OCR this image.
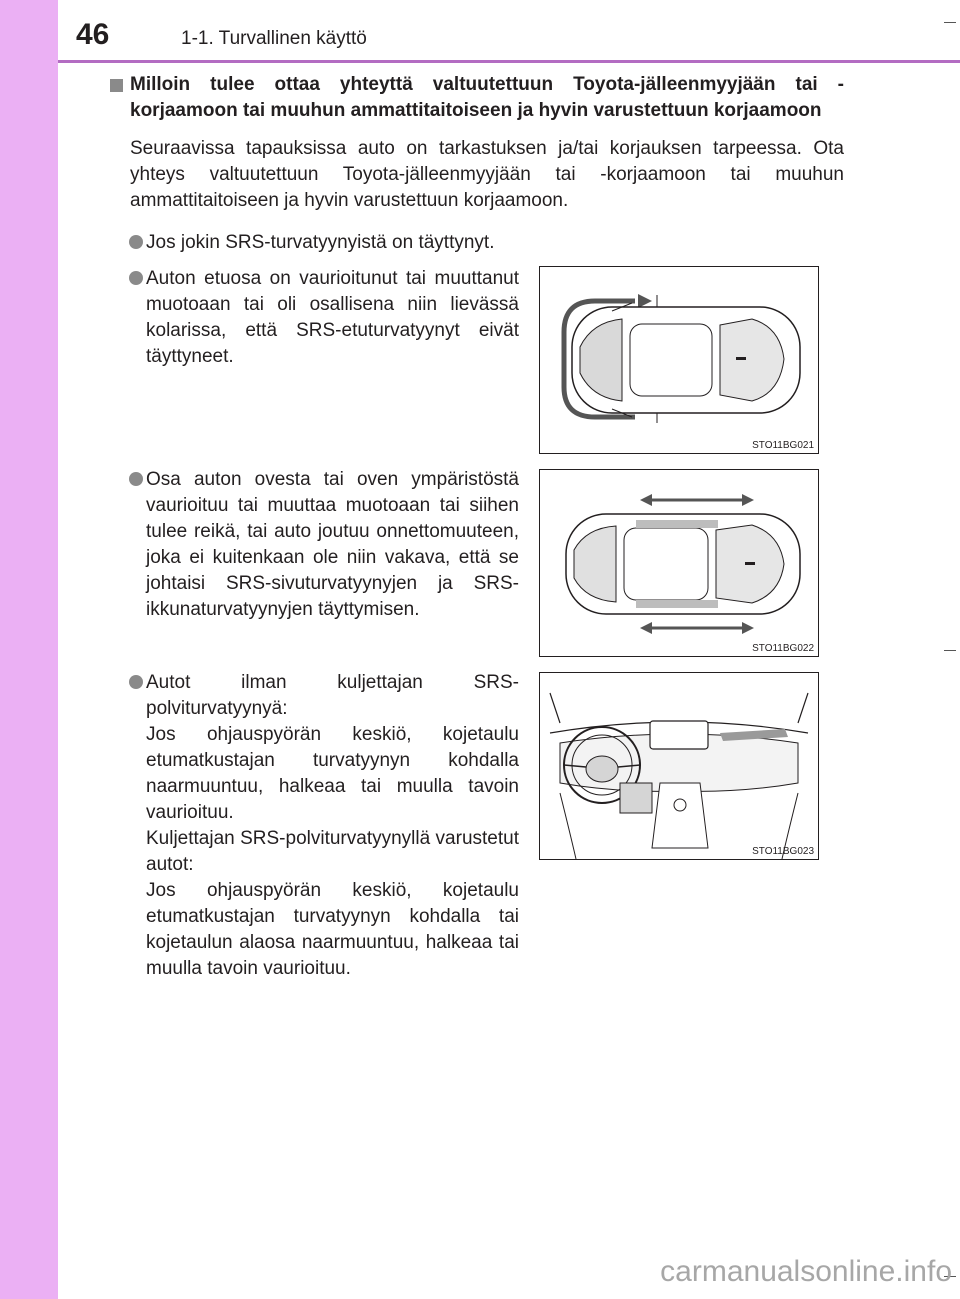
46	1-1. Turvallinen käyttö
Milloin tulee ottaa yhteyttä valtuutettuun Toyota-jälleenmyyjään tai -korjaamoon tai muuhun ammattitaitoiseen ja hyvin varustettuun korjaamoon
Seuraavissa tapauksissa auto on tarkastuksen ja/tai korjauksen tarpeessa. Ota yhteys valtuutettuun Toyota-jälleenmyyjään tai -korjaamoon tai muuhun ammattitaitoiseen ja hyvin varustettuun korjaamoon.
Jos jokin SRS-turvatyynyistä on täyttynyt.
Auton etuosa on vaurioitunut tai muuttanut muotoaan tai oli osallisena niin lievässä kolarissa, että SRS-etuturvatyynyt eivät täyttyneet.
Osa auton ovesta tai oven ympäristöstä vaurioituu tai muuttaa muotoaan tai siihen tulee reikä, tai auto joutuu onnettomuuteen, joka ei kuitenkaan ole niin vakava, että se johtaisi SRS-sivuturvatyynyjen ja SRS-ikkunaturvatyynyjen täyttymisen.
Autot ilman kuljettajan SRS-polviturvatyynyä:
Jos ohjauspyörän keskiö, kojetaulu etumatkustajan turvatyynyn kohdalla naarmuuntuu, halkeaa tai muulla tavoin vaurioituu.
Kuljettajan SRS-polviturvatyynyllä varustetut autot:
Jos ohjauspyörän keskiö, kojetaulu etumatkustajan turvatyynyn kohdalla tai kojetaulun alaosa naarmuuntuu, halkeaa tai muulla tavoin vaurioituu.
STO11BG021
STO11BG022
STO11BG023
carmanualsonline.info
